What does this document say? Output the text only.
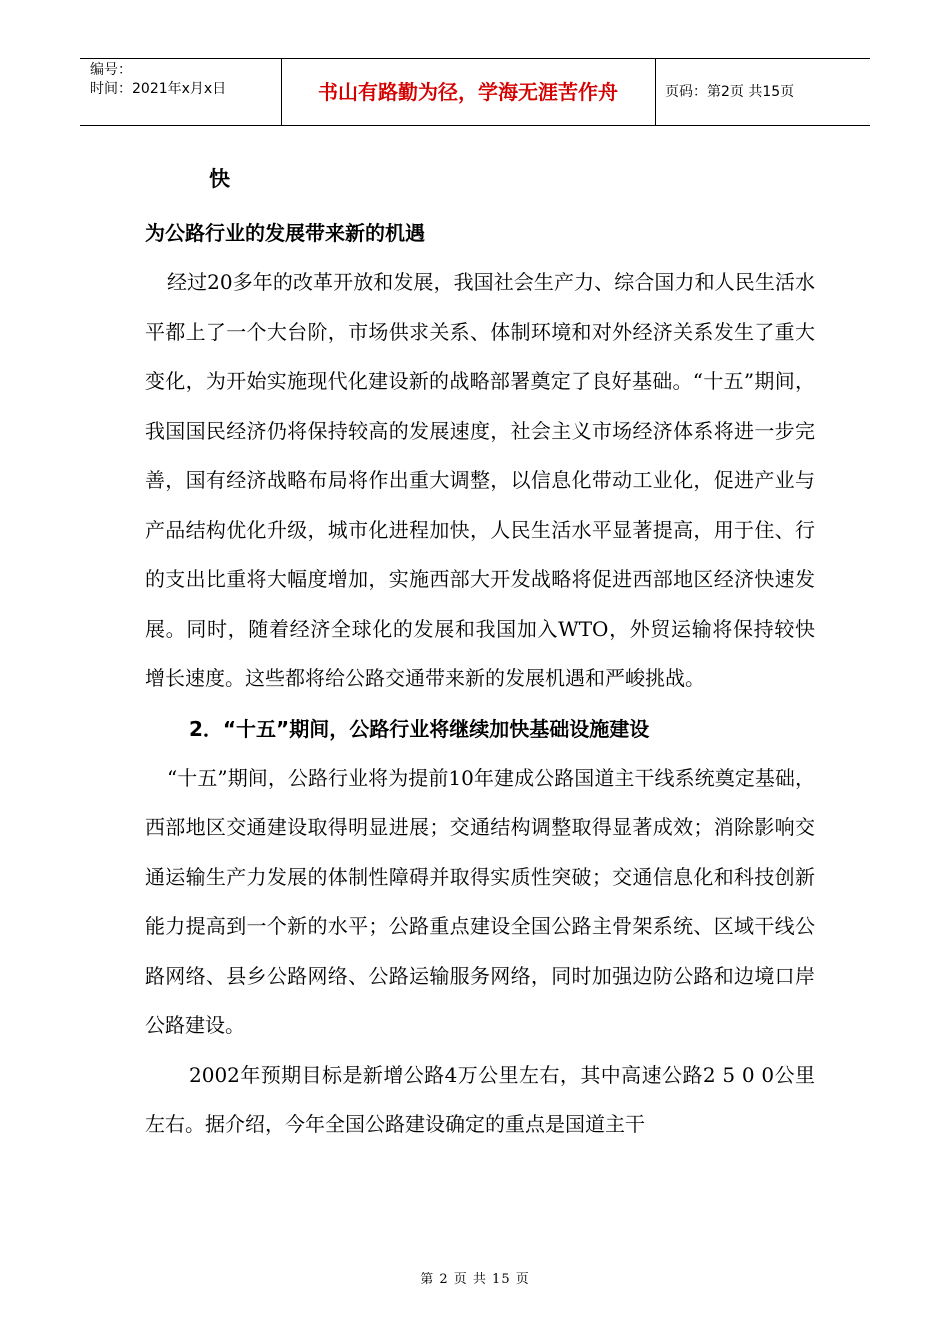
编号：
时间：2021年x月x日	书山有路勤为径，学海无涯苦作舟	页码：第2页 共15页

快

为公路行业的发展带来新的机遇

经过20多年的改革开放和发展，我国社会生产力、综合国力和人民生活水平都上了一个大台阶，市场供求关系、体制环境和对外经济关系发生了重大变化，为开始实施现代化建设新的战略部署奠定了良好基础。“十五”期间，我国国民经济仍将保持较高的发展速度，社会主义市场经济体系将进一步完善，国有经济战略布局将作出重大调整，以信息化带动工业化，促进产业与产品结构优化升级，城市化进程加快，人民生活水平显著提高，用于住、行的支出比重将大幅度增加，实施西部大开发战略将促进西部地区经济快速发展。同时，随着经济全球化的发展和我国加入WTO，外贸运输将保持较快增长速度。这些都将给公路交通带来新的发展机遇和严峻挑战。

2．“十五”期间，公路行业将继续加快基础设施建设

“十五”期间，公路行业将为提前10年建成公路国道主干线系统奠定基础，西部地区交通建设取得明显进展；交通结构调整取得显著成效；消除影响交通运输生产力发展的体制性障碍并取得实质性突破；交通信息化和科技创新能力提高到一个新的水平；公路重点建设全国公路主骨架系统、区域干线公路网络、县乡公路网络、公路运输服务网络，同时加强边防公路和边境口岸公路建设。

2002年预期目标是新增公路4万公里左右，其中高速公路2 5 0 0公里左右。据介绍，今年全国公路建设确定的重点是国道主干

第 2 页 共 15 页
